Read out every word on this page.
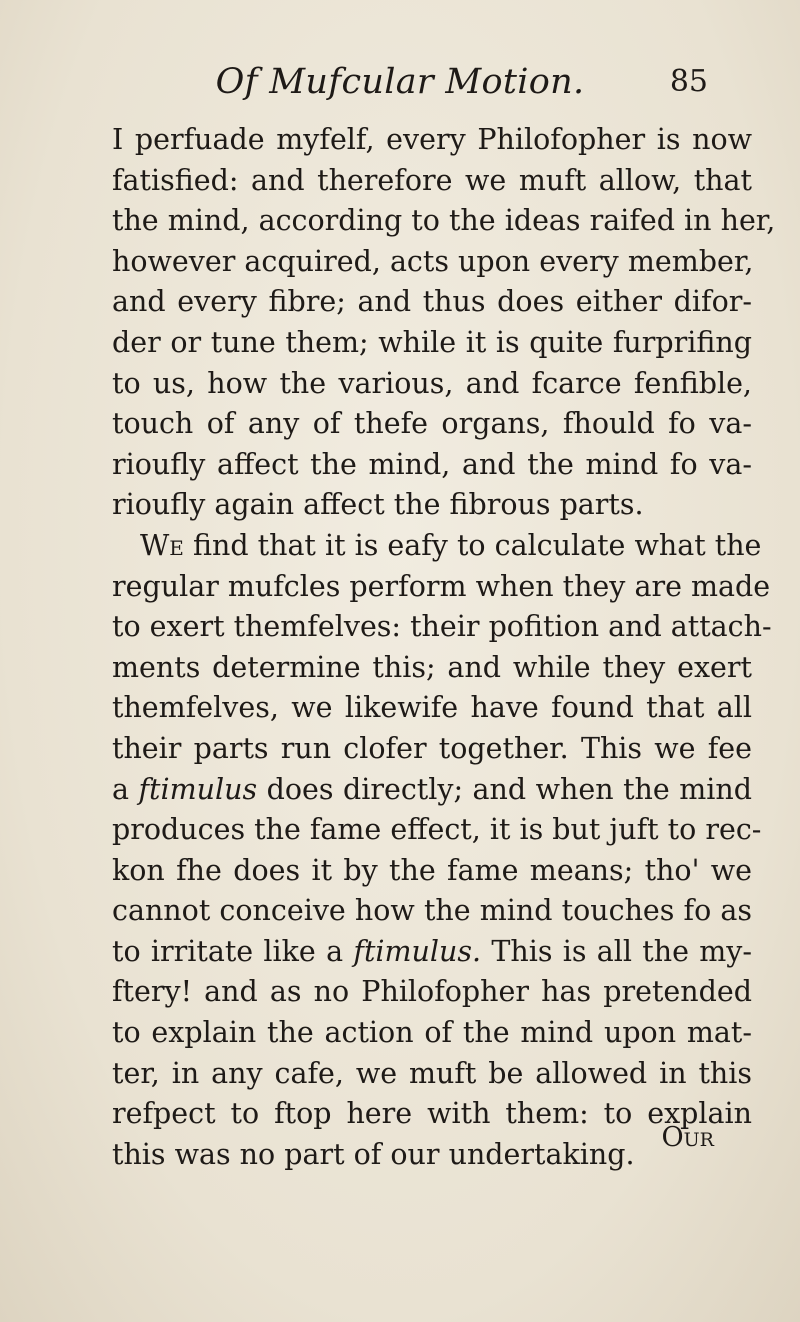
Of Mufcular Motion.	85
I perfuade myfelf, every Philofopher is now
fatisfied: and therefore we muft allow, that
the mind, according to the ideas raifed in her,
however acquired, acts upon every member,
and every fibre; and thus does either difor-
der or tune them; while it is quite furprifing
to us, how the various, and fcarce fenfible,
touch of any of thefe organs, fhould fo va-
rioufly affect the mind, and the mind fo va-
rioufly again affect the fibrous parts.
We find that it is eafy to calculate what the
regular mufcles perform when they are made
to exert themfelves: their pofition and attach-
ments determine this; and while they exert
themfelves, we likewife have found that all
their parts run clofer together. This we fee
a ftimulus does directly; and when the mind
produces the fame effect, it is but juft to rec-
kon fhe does it by the fame means; tho' we
cannot conceive how the mind touches fo as
to irritate like a ftimulus. This is all the my-
ftery! and as no Philofopher has pretended
to explain the action of the mind upon mat-
ter, in any cafe, we muft be allowed in this
refpect to ftop here with them: to explain
this was no part of our undertaking.
Our
